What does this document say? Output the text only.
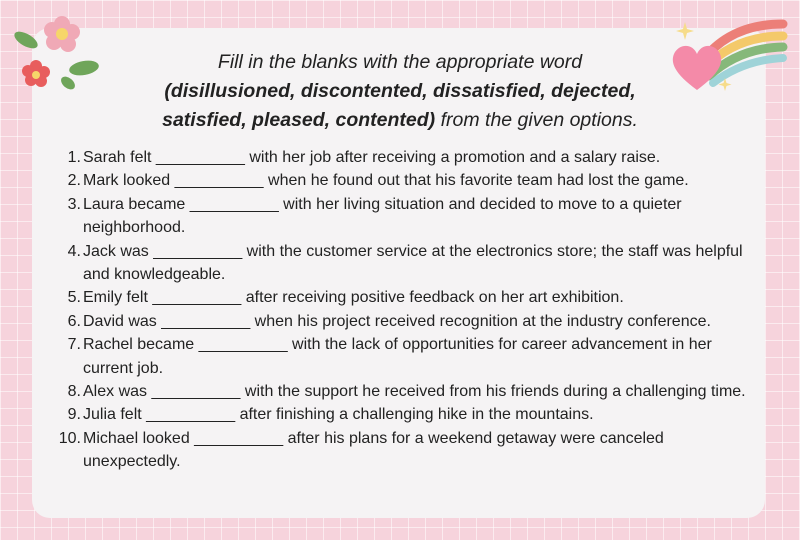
Fill in the blanks with the appropriate word
(disillusioned, discontented, dissatisfied, dejected,
satisfied, pleased, contented) from the given options.
1. Sarah felt __________ with her job after receiving a promotion and a salary raise.
2. Mark looked __________ when he found out that his favorite team had lost the game.
3. Laura became __________ with her living situation and decided to move to a quieter neighborhood.
4. Jack was __________ with the customer service at the electronics store; the staff was helpful and knowledgeable.
5. Emily felt __________ after receiving positive feedback on her art exhibition.
6. David was __________ when his project received recognition at the industry conference.
7. Rachel became __________ with the lack of opportunities for career advancement in her current job.
8. Alex was __________ with the support he received from his friends during a challenging time.
9. Julia felt __________ after finishing a challenging hike in the mountains.
10. Michael looked __________ after his plans for a weekend getaway were canceled unexpectedly.
